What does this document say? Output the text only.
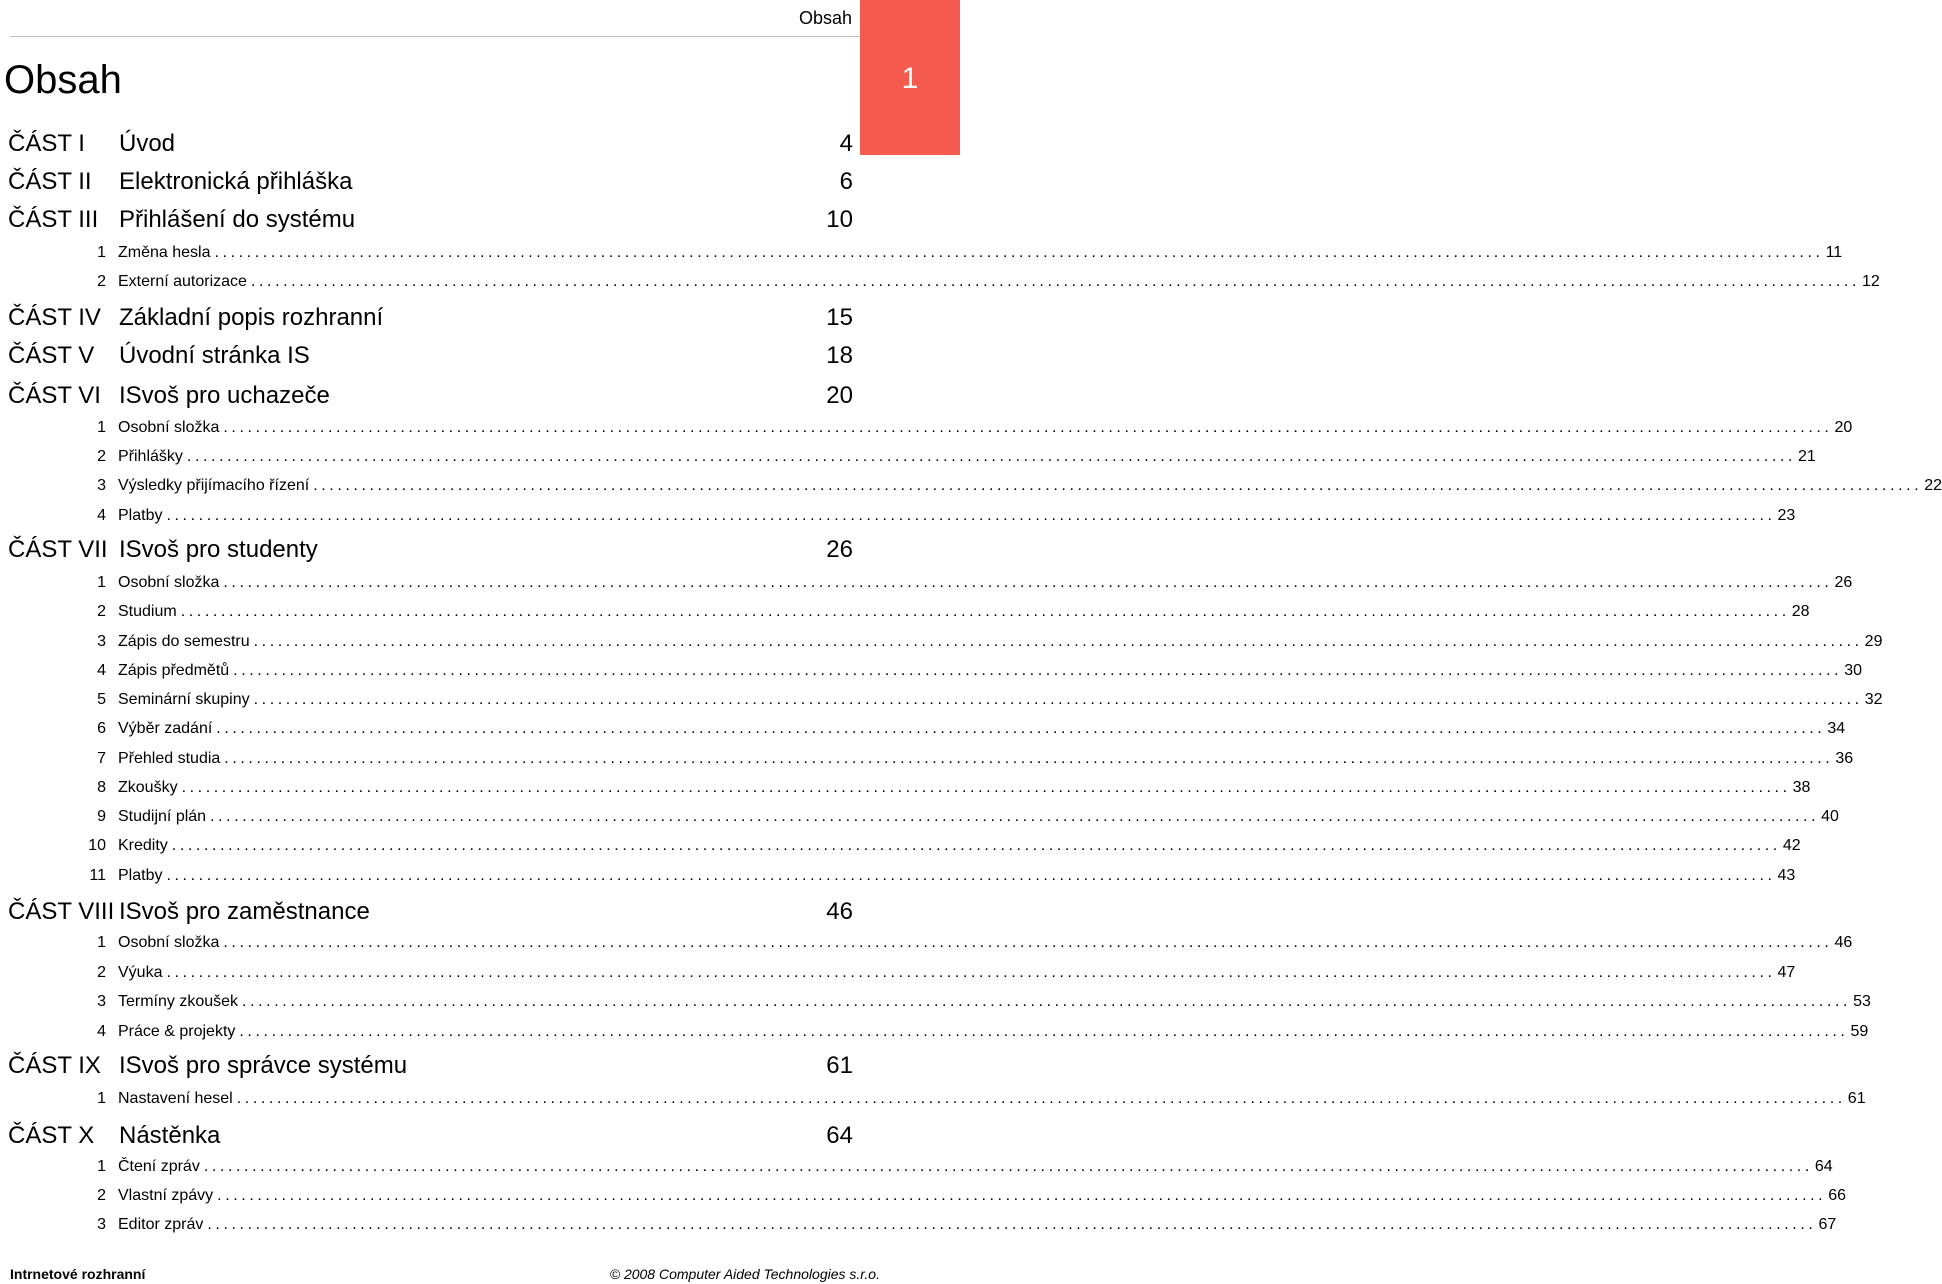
Obsah
1
Obsah
ČÁST I Úvod	4
ČÁST II Elektronická přihláška	6
ČÁST III Přihlášení do systému	10
1 Změna hesla ........................................................................................................................................................................................................ 11
2 Externí autorizace ........................................................................................................................................................................................................ 12
ČÁST IV Základní popis rozhranní	15
ČÁST V Úvodní stránka IS	18
ČÁST VI ISvoš pro uchazeče	20
1 Osobní složka ........................................................................................................................................................................................................ 20
2 Přihlášky ........................................................................................................................................................................................................ 21
3 Výsledky přijímacího řízení ........................................................................................................................................................................................................ 22
4 Platby ........................................................................................................................................................................................................ 23
ČÁST VII ISvoš pro studenty	26
1 Osobní složka ........................................................................................................................................................................................................ 26
2 Studium ........................................................................................................................................................................................................ 28
3 Zápis do semestru ........................................................................................................................................................................................................ 29
4 Zápis předmětů ........................................................................................................................................................................................................ 30
5 Seminární skupiny ........................................................................................................................................................................................................ 32
6 Výběr zadání ........................................................................................................................................................................................................ 34
7 Přehled studia ........................................................................................................................................................................................................ 36
8 Zkoušky ........................................................................................................................................................................................................ 38
9 Studijní plán ........................................................................................................................................................................................................ 40
10 Kredity ........................................................................................................................................................................................................ 42
11 Platby ........................................................................................................................................................................................................ 43
ČÁST VIII ISvoš pro zaměstnance	46
1 Osobní složka ........................................................................................................................................................................................................ 46
2 Výuka ........................................................................................................................................................................................................ 47
3 Termíny zkoušek ........................................................................................................................................................................................................ 53
4 Práce & projekty ........................................................................................................................................................................................................ 59
ČÁST IX ISvoš pro správce systému	61
1 Nastavení hesel ........................................................................................................................................................................................................ 61
ČÁST X Nástěnka	64
1 Čtení zpráv ........................................................................................................................................................................................................ 64
2 Vlastní zpávy ........................................................................................................................................................................................................ 66
3 Editor zpráv ........................................................................................................................................................................................................ 67
Intrnetové rozhranní	© 2008 Computer Aided Technologies s.r.o.
